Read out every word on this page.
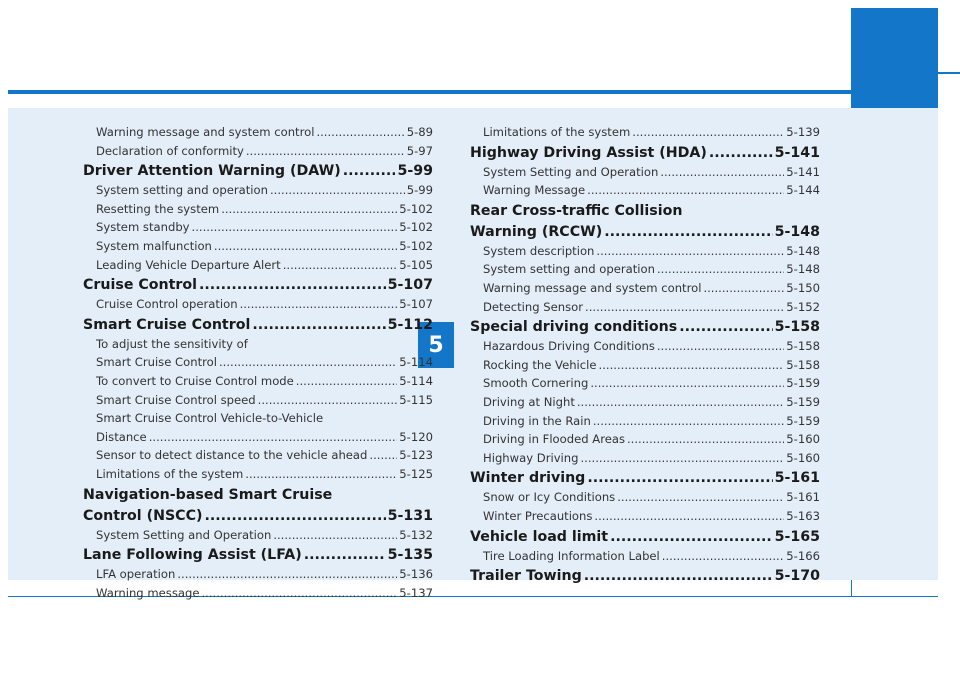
5
Warning message and system control .....	5-89
Declaration of conformity .....	5-97
Driver Attention Warning (DAW) .....	5-99
System setting and operation .....	5-99
Resetting the system .....	5-102
System standby .....	5-102
System malfunction .....	5-102
Leading Vehicle Departure Alert .....	5-105
Cruise Control .....	5-107
Cruise Control operation .....	5-107
Smart Cruise Control .....	5-112
To adjust the sensitivity of
Smart Cruise Control .....	5-114
To convert to Cruise Control mode .....	5-114
Smart Cruise Control speed .....	5-115
Smart Cruise Control Vehicle-to-Vehicle
Distance .....	5-120
Sensor to detect distance to the vehicle ahead .....	5-123
Limitations of the system .....	5-125
Navigation-based Smart Cruise
Control (NSCC) .....	5-131
System Setting and Operation .....	5-132
Lane Following Assist (LFA) .....	5-135
LFA operation .....	5-136
Warning message .....	5-137
Limitations of the system .....	5-139
Highway Driving Assist (HDA) .....	5-141
System Setting and Operation .....	5-141
Warning Message .....	5-144
Rear Cross-traffic Collision
Warning (RCCW) .....	5-148
System description .....	5-148
System setting and operation .....	5-148
Warning message and system control .....	5-150
Detecting Sensor .....	5-152
Special driving conditions .....	5-158
Hazardous Driving Conditions .....	5-158
Rocking the Vehicle .....	5-158
Smooth Cornering .....	5-159
Driving at Night .....	5-159
Driving in the Rain .....	5-159
Driving in Flooded Areas .....	5-160
Highway Driving .....	5-160
Winter driving .....	5-161
Snow or Icy Conditions .....	5-161
Winter Precautions .....	5-163
Vehicle load limit .....	5-165
Tire Loading Information Label .....	5-166
Trailer Towing .....	5-170
